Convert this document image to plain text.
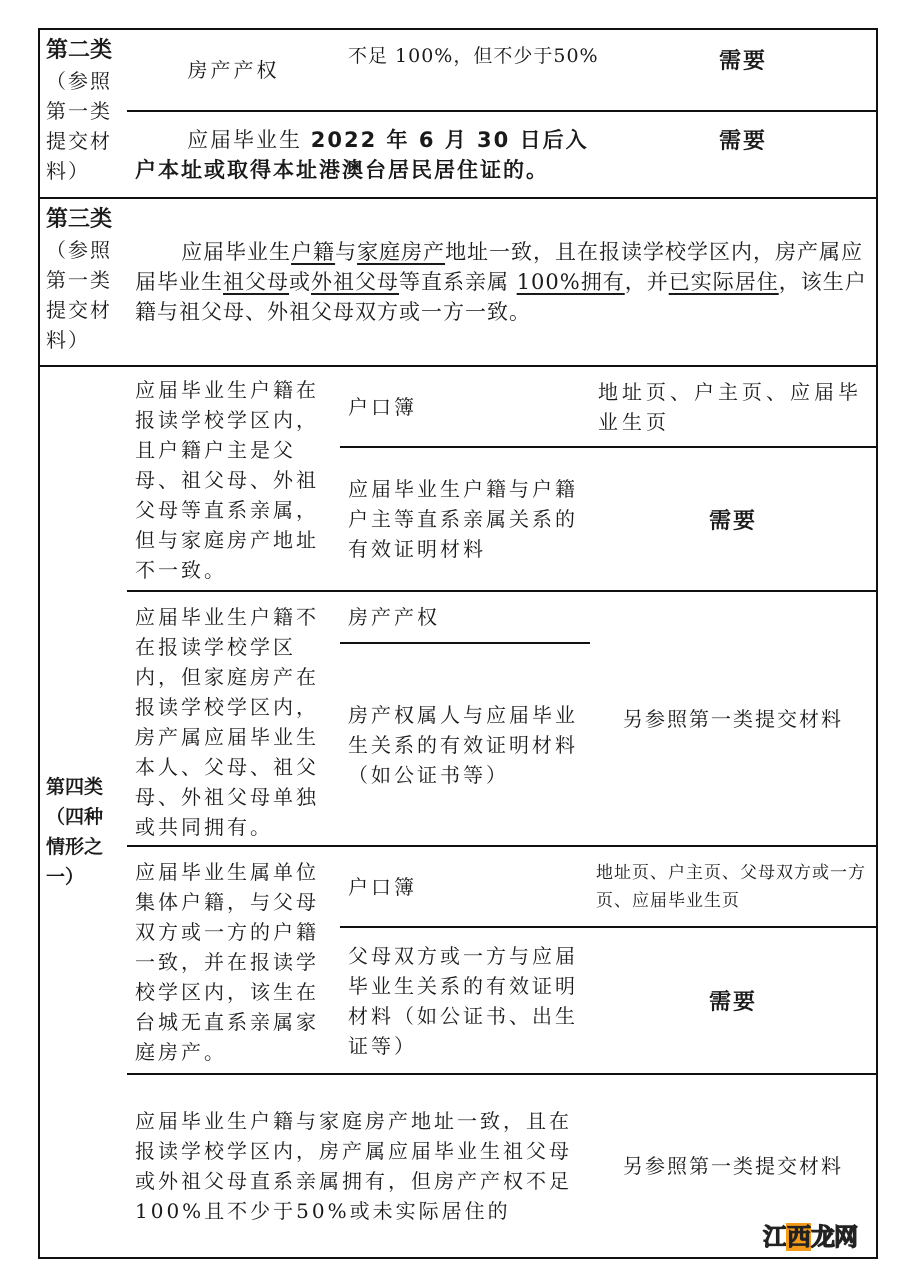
第二类
（参照第一类提交材料）
房产产权
不足 100%，但不少于50%	需要

应届毕业生 2022 年 6 月 30 日后入户本址或取得本址港澳台居民居住证的。

需要
第三类
（参照第一类提交材料）

应届毕业生户籍与家庭房产地址一致，且在报读学校学区内，房产属应届毕业生祖父母或外祖父母等直系亲属 100%拥有，并已实际居住，该生户籍与祖父母、外祖父母双方或一方一致。

第四类（四种情形之一）
应届毕业生户籍在报读学校学区内，且户籍户主是父母、祖父母、外祖父母等直系亲属，但与家庭房产地址不一致。
户口簿
地址页、户主页、应届毕业生页
应届毕业生户籍与户籍户主等直系亲属关系的有效证明材料
需要
应届毕业生户籍不在报读学校学区内，但家庭房产在报读学校学区内，房产属应届毕业生本人、父母、祖父母、外祖父母单独或共同拥有。
房产产权
房产权属人与应届毕业生关系的有效证明材料（如公证书等）
另参照第一类提交材料
应届毕业生属单位集体户籍，与父母双方或一方的户籍一致，并在报读学校学区内，该生在台城无直系亲属家庭房产。
户口簿
地址页、户主页、父母双方或一方页、应届毕业生页
父母双方或一方与应届毕业生关系的有效证明材料（如公证书、出生证等）
需要
应届毕业生户籍与家庭房产地址一致，且在报读学校学区内，房产属应届毕业生祖父母或外祖父母直系亲属拥有，但房产产权不足100%且不少于50%或未实际居住的
另参照第一类提交材料
江西龙网
